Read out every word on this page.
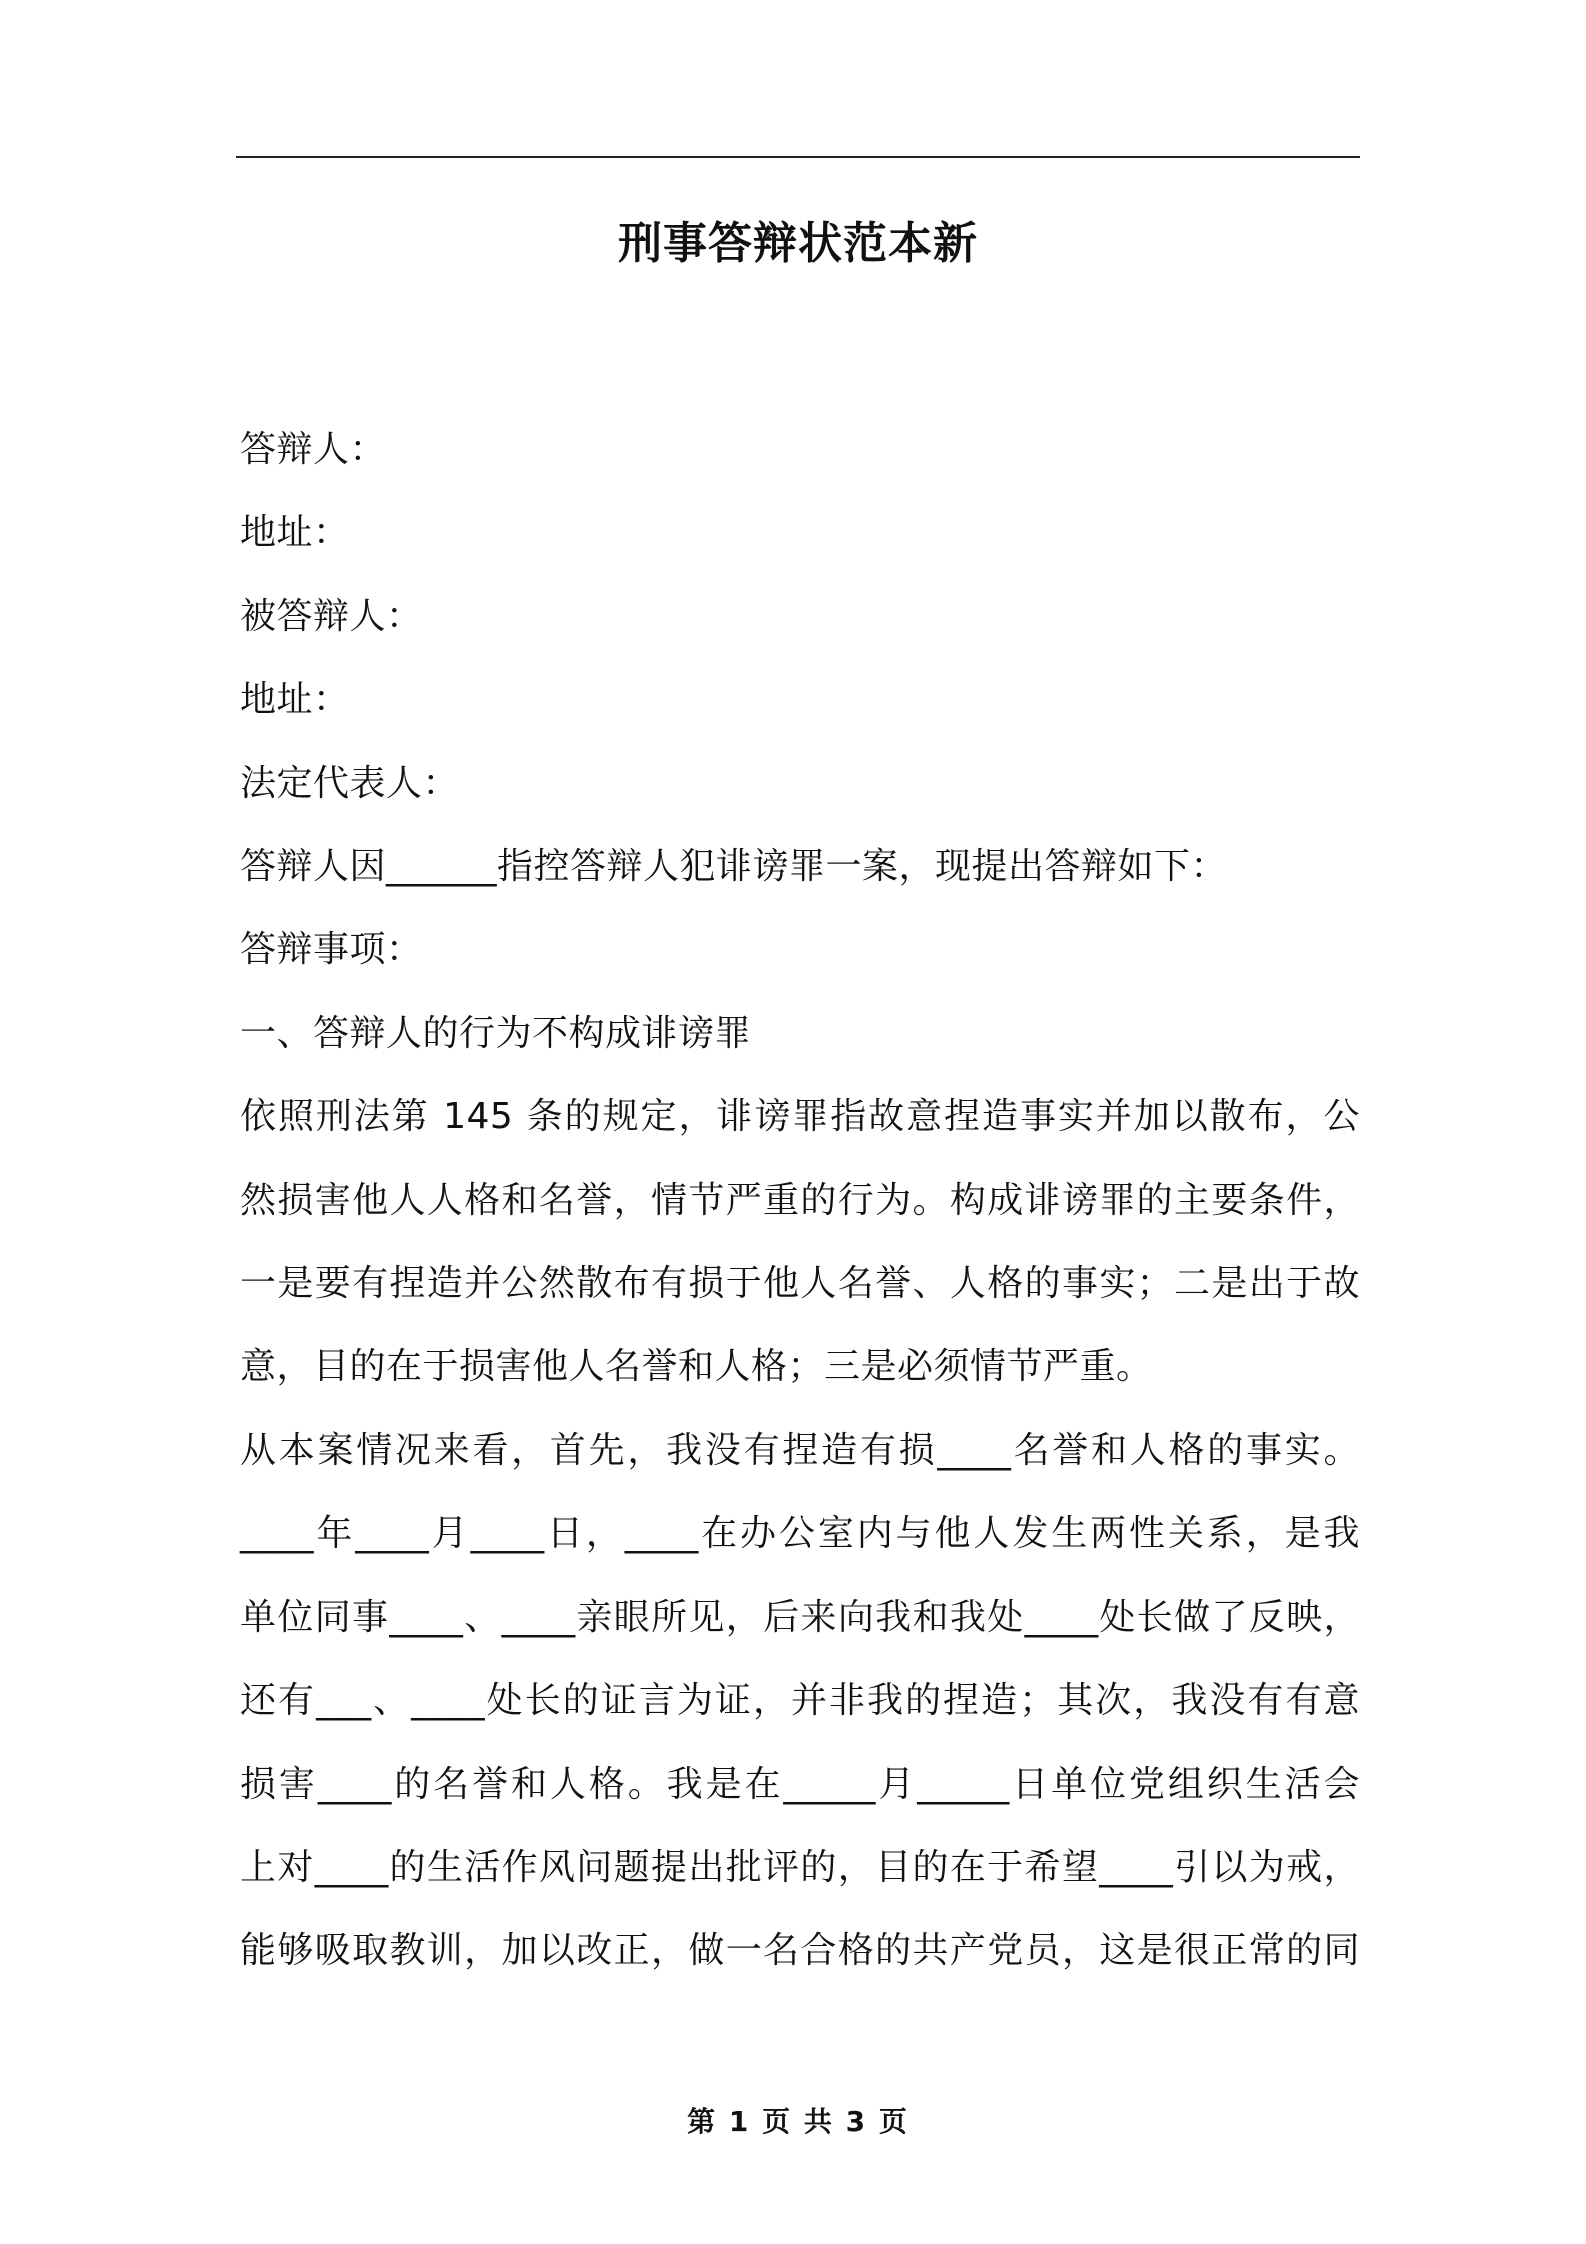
刑事答辩状范本新

答辩人：

地址：

被答辩人：

地址：

法定代表人：

答辩人因______指控答辩人犯诽谤罪一案，现提出答辩如下：

答辩事项：

一、答辩人的行为不构成诽谤罪

依照刑法第 145 条的规定，诽谤罪指故意捏造事实并加以散布，公
然损害他人人格和名誉，情节严重的行为。构成诽谤罪的主要条件，
一是要有捏造并公然散布有损于他人名誉、人格的事实；二是出于故
意，目的在于损害他人名誉和人格；三是必须情节严重。
从本案情况来看，首先，我没有捏造有损____名誉和人格的事实。
____年____月____日，____在办公室内与他人发生两性关系，是我
单位同事____、____亲眼所见，后来向我和我处____处长做了反映，
还有___、____处长的证言为证，并非我的捏造；其次，我没有有意
损害____的名誉和人格。我是在_____月_____日单位党组织生活会
上对____的生活作风问题提出批评的，目的在于希望____引以为戒，
能够吸取教训，加以改正，做一名合格的共产党员，这是很正常的同
第 1 页 共 3 页
